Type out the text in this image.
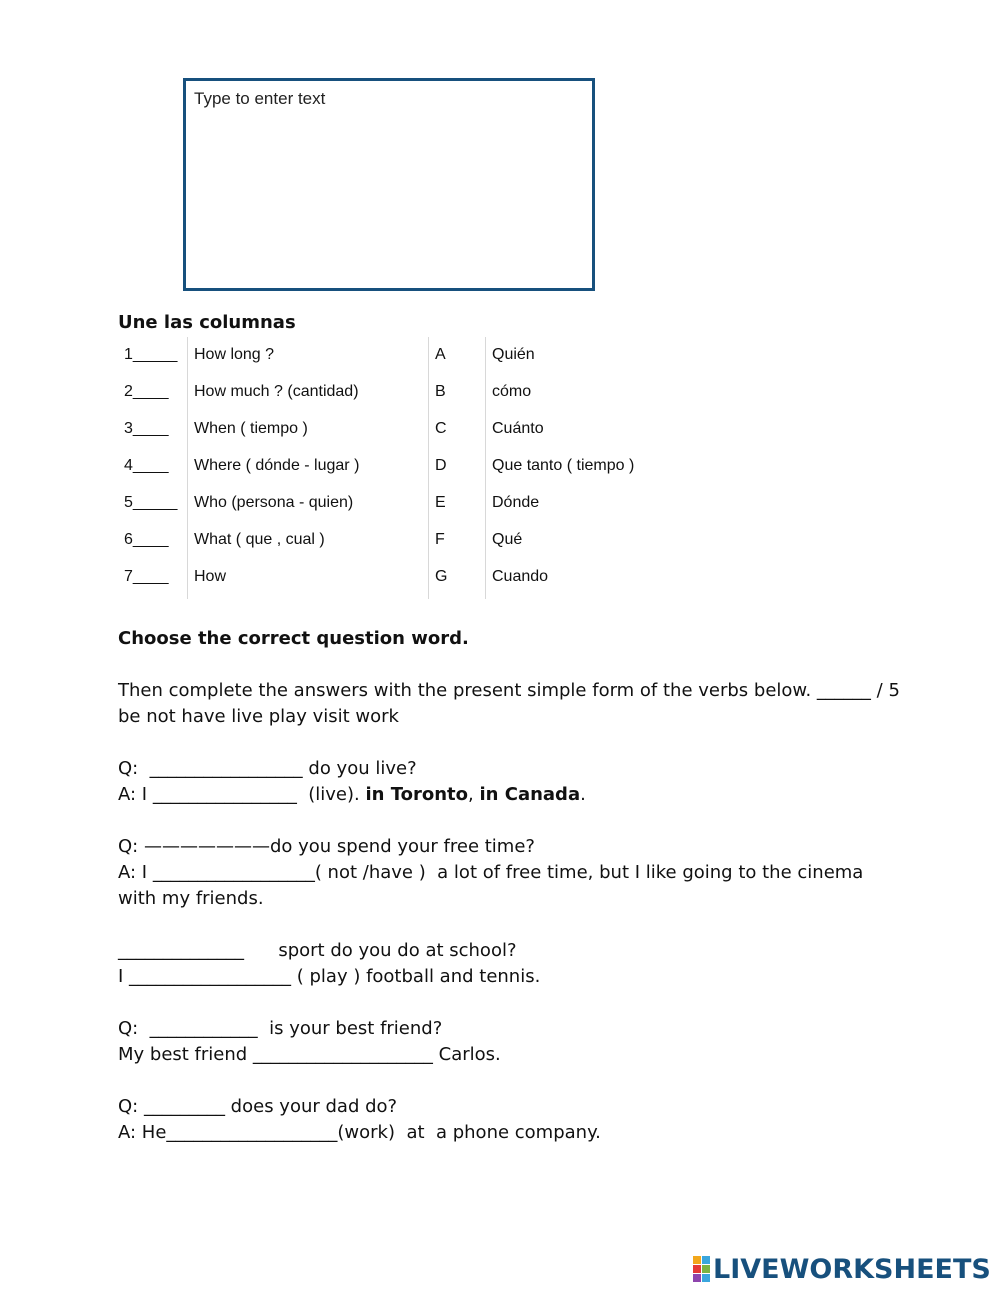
Type to enter text
Une las columnas
1_____
2____
3____
4____
5_____
6____
7____
How long ?
How much ? (cantidad)
When ( tiempo )
Where ( dónde - lugar )
Who (persona - quien)
What ( que , cual )
How
A
B
C
D
E
F
G
Quién
cómo
Cuánto
Que tanto ( tiempo )
Dónde
Qué
Cuando
Choose the correct question word.
Then complete the answers with the present simple form of the verbs below. ______ / 5
be not have live play visit work
Q:  _________________ do you live?
A: I ________________  (live). in Toronto, in Canada.
Q: ———————do you spend your free time?
A: I __________________( not /have )  a lot of free time, but I like going to the cinema
with my friends.
______________      sport do you do at school?
I __________________ ( play ) football and tennis.
Q:  ____________  is your best friend?
My best friend ____________________ Carlos.
Q: _________ does your dad do?
A: He___________________(work)  at  a phone company.
LIVEWORKSHEETS
